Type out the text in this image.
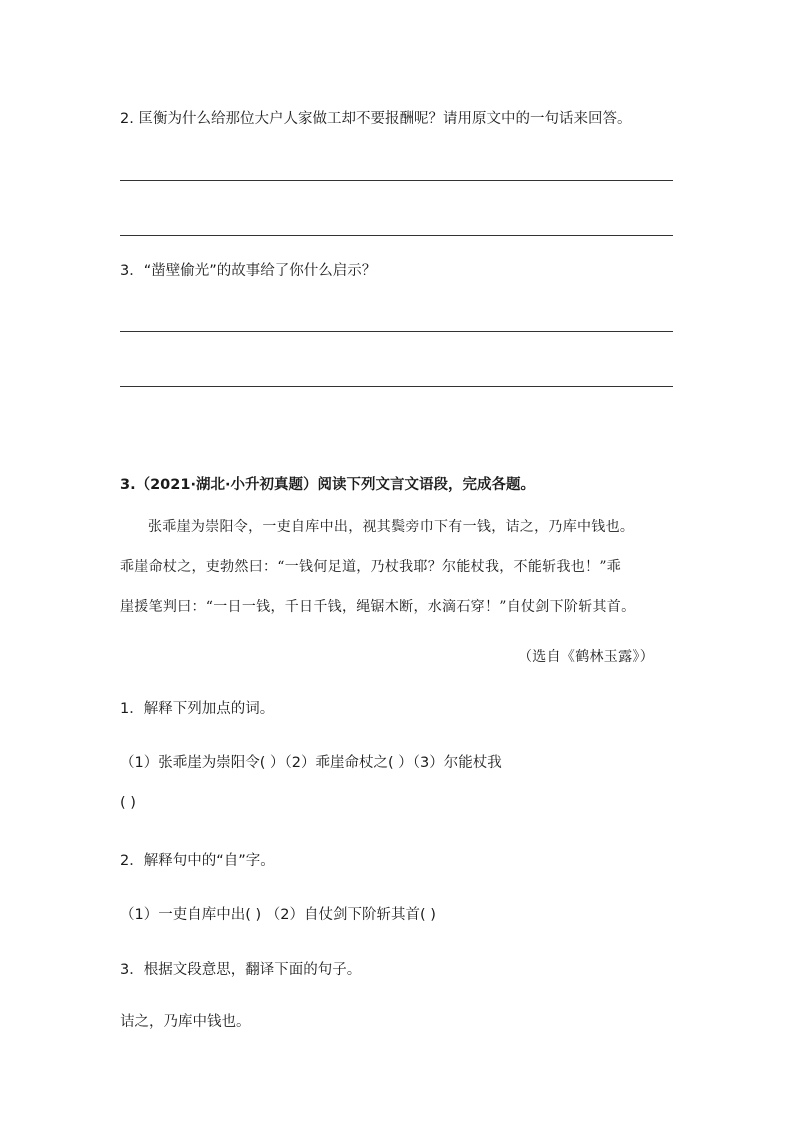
2. 匡衡为什么给那位大户人家做工却不要报酬呢？请用原文中的一句话来回答。
3．“凿壁偷光”的故事给了你什么启示？
3.（2021·湖北·小升初真题）阅读下列文言文语段，完成各题。
张乖崖为崇阳令，一吏自库中出，视其鬓旁巾下有一钱，诘之，乃库中钱也。
乖崖命杖之，吏勃然曰：“一钱何足道，乃杖我耶？尔能杖我，不能斩我也！”乖
崖援笔判曰：“一日一钱，千日千钱，绳锯木断，水滴石穿！”自仗剑下阶斩其首。
（选自《鹤林玉露》）
1．解释下列加点的词。
（1）张乖崖为崇阳令( ）（2）乖崖命杖之( ）（3）尔能杖我
( )
2．解释句中的“自”字。
（1）一吏自库中出( ) （2）自仗剑下阶斩其首( )
3．根据文段意思，翻译下面的句子。
诘之，乃库中钱也。
